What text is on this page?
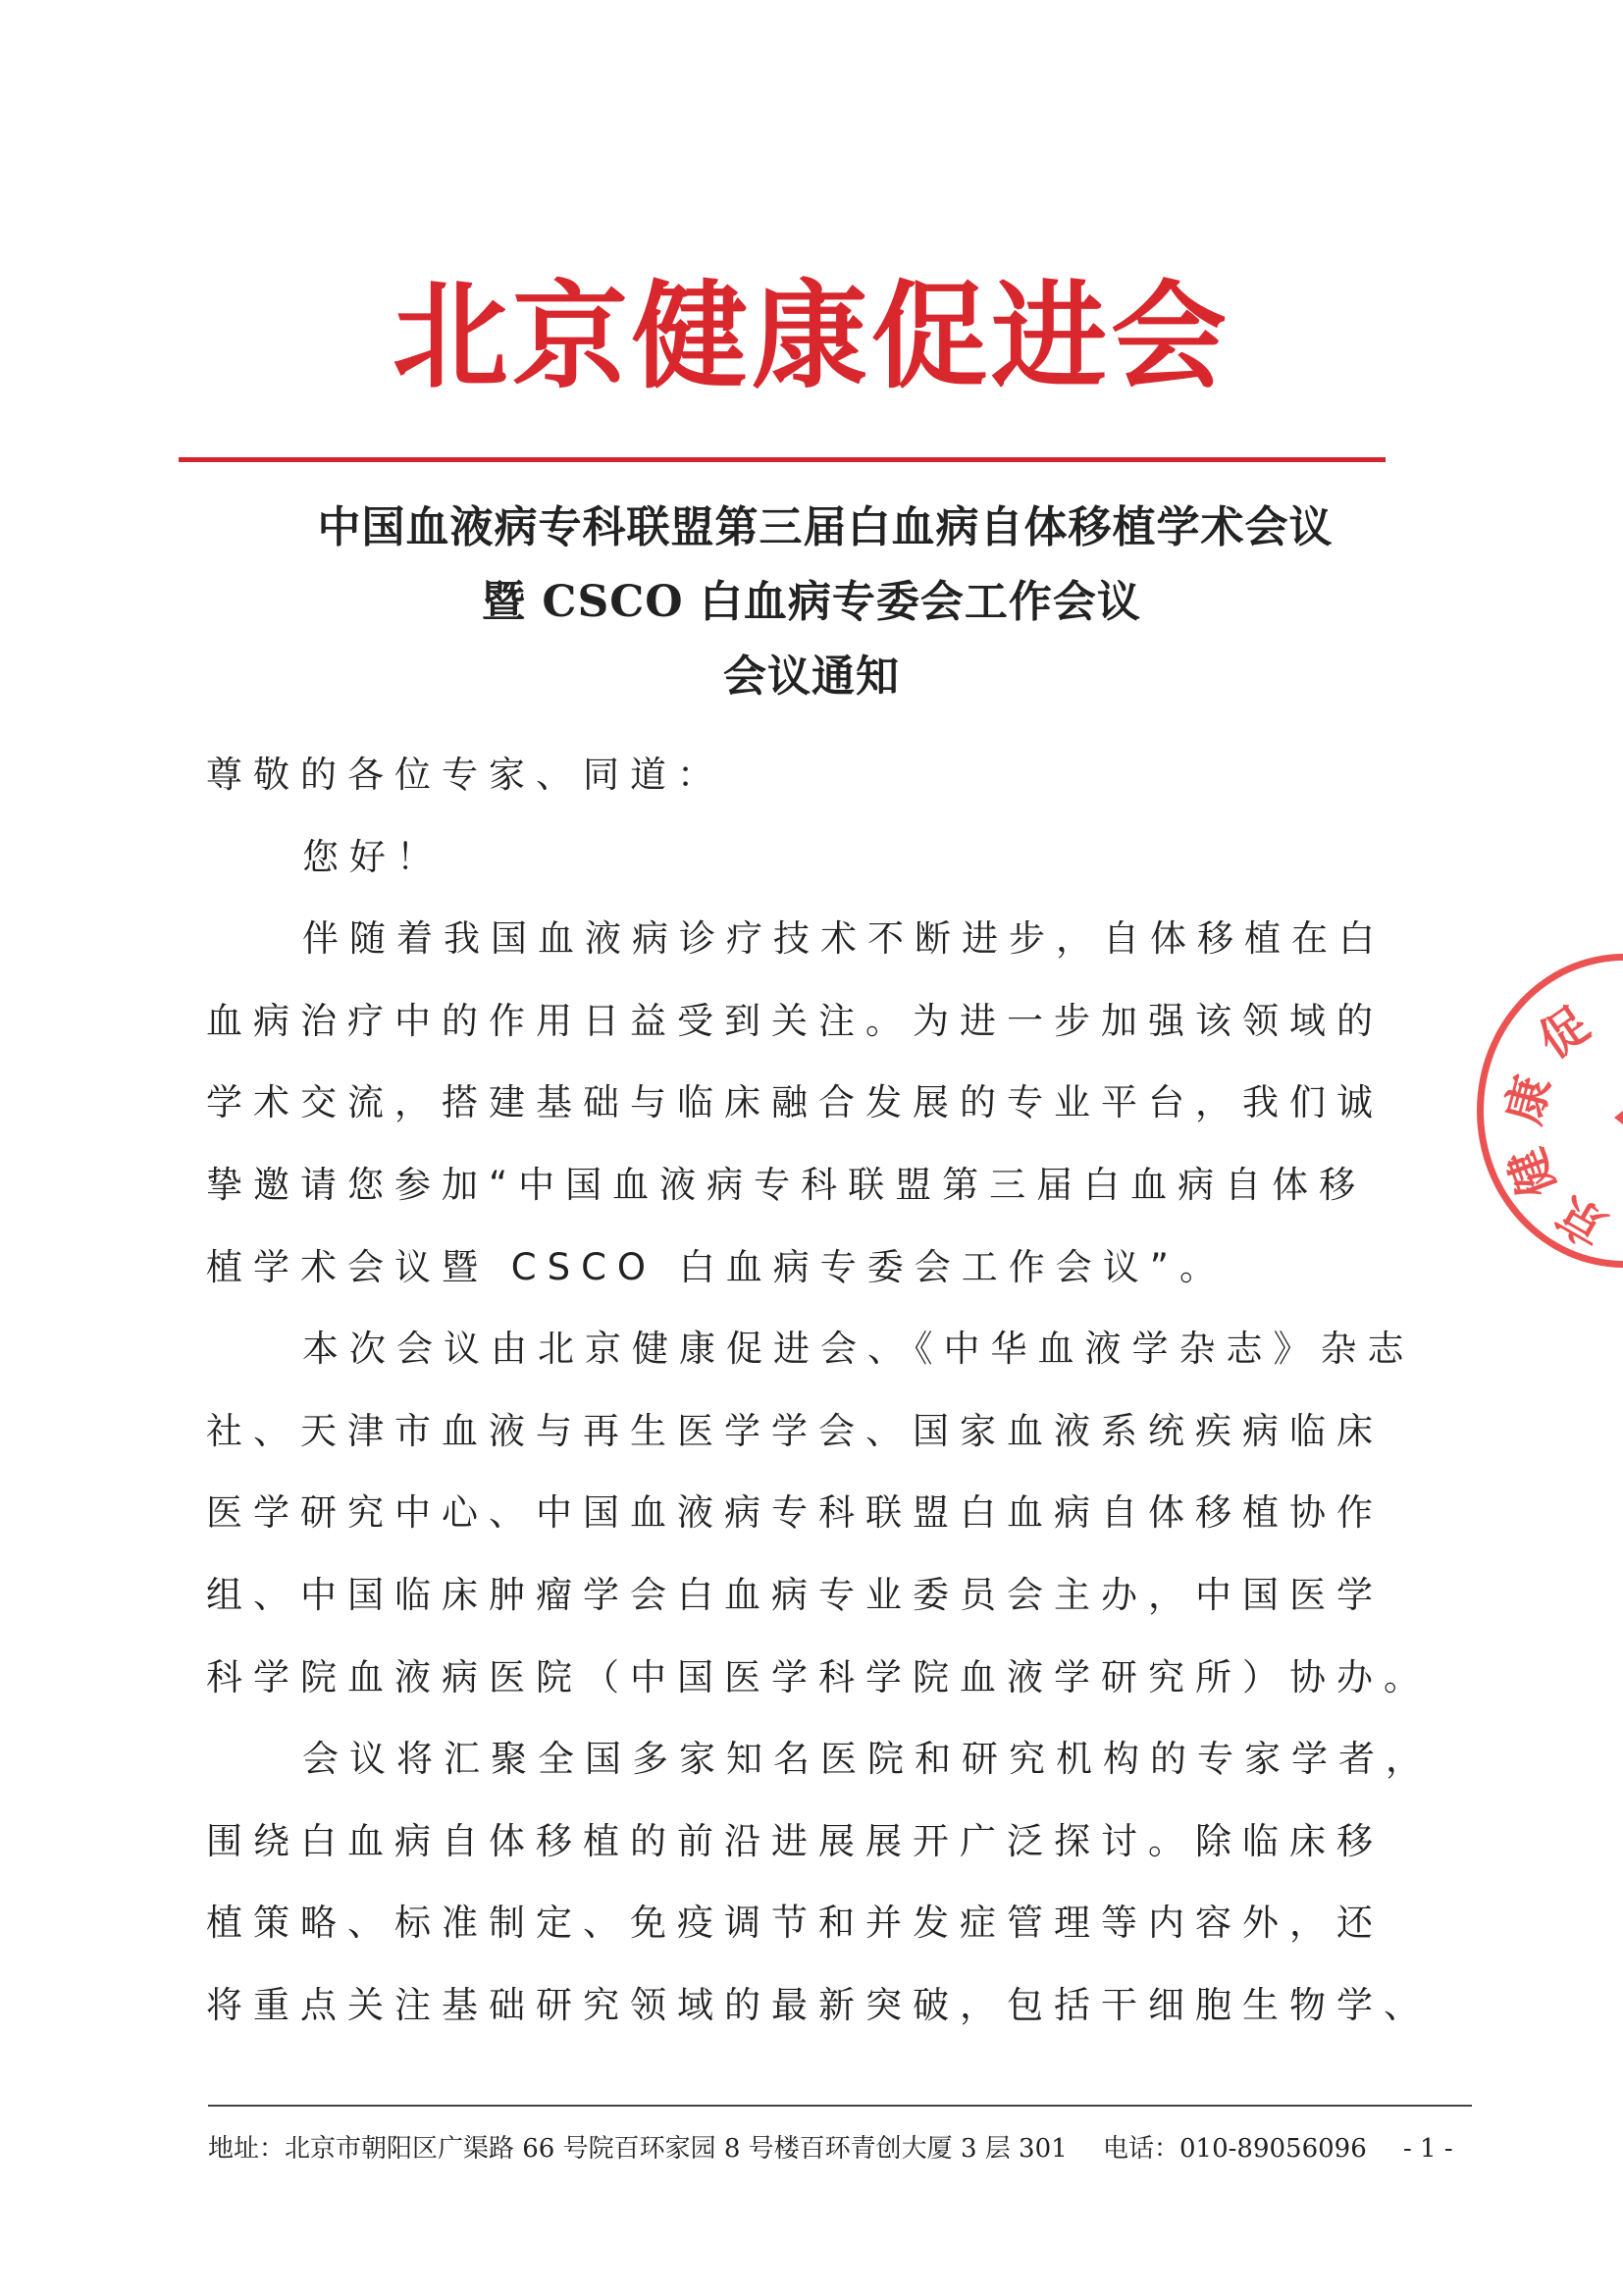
北京健康促进会
中国血液病专科联盟第三届白血病自体移植学术会议
暨 CSCO 白血病专委会工作会议
会议通知
尊敬的各位专家、同道：
您好！
伴随着我国血液病诊疗技术不断进步，自体移植在白
血病治疗中的作用日益受到关注。为进一步加强该领域的
学术交流，搭建基础与临床融合发展的专业平台，我们诚
挚邀请您参加“中国血液病专科联盟第三届白血病自体移
植学术会议暨 CSCO 白血病专委会工作会议”。
本次会议由北京健康促进会、《中华血液学杂志》杂志
社、天津市血液与再生医学学会、国家血液系统疾病临床
医学研究中心、中国血液病专科联盟白血病自体移植协作
组、中国临床肿瘤学会白血病专业委员会主办，中国医学
科学院血液病医院（中国医学科学院血液学研究所）协办。
会议将汇聚全国多家知名医院和研究机构的专家学者，
围绕白血病自体移植的前沿进展展开广泛探讨。除临床移
植策略、标准制定、免疫调节和并发症管理等内容外，还
将重点关注基础研究领域的最新突破，包括干细胞生物学、
促
康
健
京
地址：北京市朝阳区广渠路 66 号院百环家园 8 号楼百环青创大厦 3 层 301 电话：010-89056096 - 1 -
